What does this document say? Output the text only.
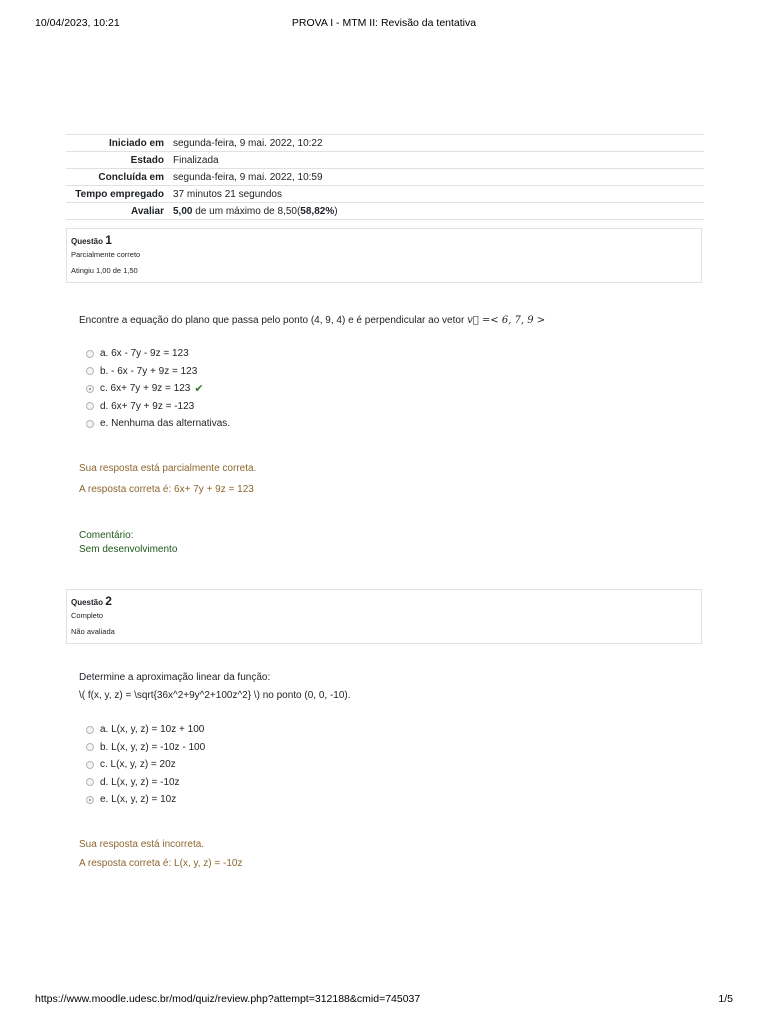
10/04/2023, 10:21	PROVA I - MTM II: Revisão da tentativa
Iniciado em	segunda-feira, 9 mai. 2022, 10:22
Estado	Finalizada
Concluída em	segunda-feira, 9 mai. 2022, 10:59
Tempo empregado	37 minutos 21 segundos
Avaliar	5,00 de um máximo de 8,50(58,82%)
Questão 1
Parcialmente correto
Atingiu 1,00 de 1,50
Encontre a equação do plano que passa pelo ponto (4, 9, 4) e é perpendicular ao vetor v⃗ =< 6, 7, 9 >
a. 6x - 7y - 9z = 123
b. - 6x - 7y + 9z = 123
c. 6x+ 7y + 9z = 123 ✔
d. 6x+ 7y + 9z = -123
e. Nenhuma das alternativas.
Sua resposta está parcialmente correta.
A resposta correta é: 6x+ 7y + 9z = 123
Comentário:
Sem desenvolvimento
Questão 2
Completo
Não avaliada
Determine a aproximação linear da função:
\( f(x, y, z) = \sqrt{36x^2+9y^2+100z^2} \) no ponto (0, 0, -10).
a. L(x, y, z) = 10z + 100
b. L(x, y, z) = -10z - 100
c. L(x, y, z) = 20z
d. L(x, y, z) = -10z
e. L(x, y, z) = 10z
Sua resposta está incorreta.
A resposta correta é: L(x, y, z) = -10z
https://www.moodle.udesc.br/mod/quiz/review.php?attempt=312188&cmid=745037	1/5
